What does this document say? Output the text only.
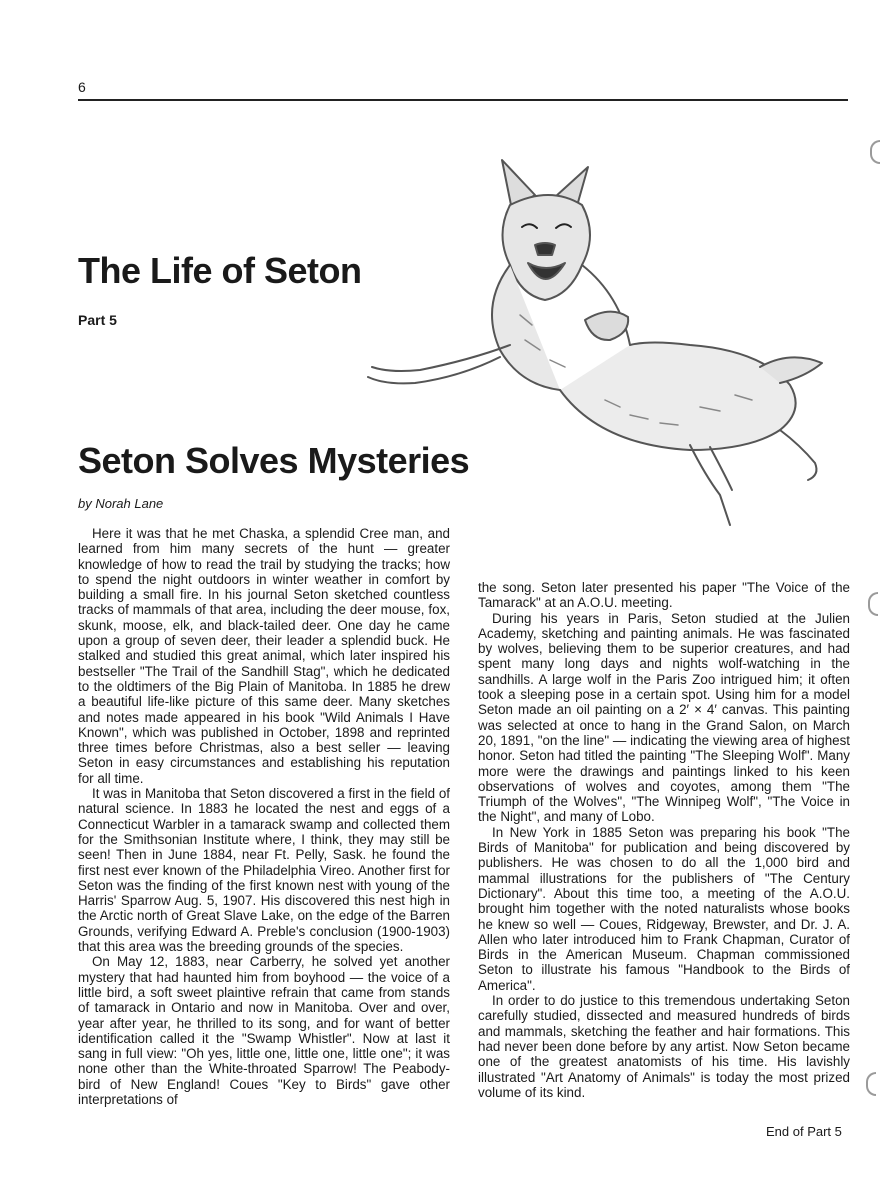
6
The Life of Seton
Part 5
Seton Solves Mysteries
by Norah Lane

Here it was that he met Chaska, a splendid Cree man, and learned from him many secrets of the hunt — greater knowledge of how to read the trail by studying the tracks; how to spend the night outdoors in winter weather in comfort by building a small fire. In his journal Seton sketched countless tracks of mammals of that area, including the deer mouse, fox, skunk, moose, elk, and black-tailed deer. One day he came upon a group of seven deer, their leader a splendid buck. He stalked and studied this great animal, which later inspired his bestseller "The Trail of the Sandhill Stag", which he dedicated to the oldtimers of the Big Plain of Manitoba. In 1885 he drew a beautiful life-like picture of this same deer. Many sketches and notes made appeared in his book "Wild Animals I Have Known", which was published in October, 1898 and reprinted three times before Christmas, also a best seller — leaving Seton in easy circumstances and establishing his reputation for all time.

It was in Manitoba that Seton discovered a first in the field of natural science. In 1883 he located the nest and eggs of a Connecticut Warbler in a tamarack swamp and collected them for the Smithsonian Institute where, I think, they may still be seen! Then in June 1884, near Ft. Pelly, Sask. he found the first nest ever known of the Philadelphia Vireo. Another first for Seton was the finding of the first known nest with young of the Harris' Sparrow Aug. 5, 1907. His discovered this nest high in the Arctic north of Great Slave Lake, on the edge of the Barren Grounds, verifying Edward A. Preble's conclusion (1900-1903) that this area was the breeding grounds of the species.

On May 12, 1883, near Carberry, he solved yet another mystery that had haunted him from boyhood — the voice of a little bird, a soft sweet plaintive refrain that came from stands of tamarack in Ontario and now in Manitoba. Over and over, year after year, he thrilled to its song, and for want of better identification called it the "Swamp Whistler". Now at last it sang in full view: "Oh yes, little one, little one, little one"; it was none other than the White-throated Sparrow! The Peabody-bird of New England! Coues "Key to Birds" gave other interpretations of

the song. Seton later presented his paper "The Voice of the Tamarack" at an A.O.U. meeting.

During his years in Paris, Seton studied at the Julien Academy, sketching and painting animals. He was fascinated by wolves, believing them to be superior creatures, and had spent many long days and nights wolf-watching in the sandhills. A large wolf in the Paris Zoo intrigued him; it often took a sleeping pose in a certain spot. Using him for a model Seton made an oil painting on a 2′ × 4′ canvas. This painting was selected at once to hang in the Grand Salon, on March 20, 1891, "on the line" — indicating the viewing area of highest honor. Seton had titled the painting "The Sleeping Wolf". Many more were the drawings and paintings linked to his keen observations of wolves and coyotes, among them "The Triumph of the Wolves", "The Winnipeg Wolf", "The Voice in the Night", and many of Lobo.

In New York in 1885 Seton was preparing his book "The Birds of Manitoba" for publication and being discovered by publishers. He was chosen to do all the 1,000 bird and mammal illustrations for the publishers of "The Century Dictionary". About this time too, a meeting of the A.O.U. brought him together with the noted naturalists whose books he knew so well — Coues, Ridgeway, Brewster, and Dr. J. A. Allen who later introduced him to Frank Chapman, Curator of Birds in the American Museum. Chapman commissioned Seton to illustrate his famous "Handbook to the Birds of America".

In order to do justice to this tremendous undertaking Seton carefully studied, dissected and measured hundreds of birds and mammals, sketching the feather and hair formations. This had never been done before by any artist. Now Seton became one of the greatest anatomists of his time. His lavishly illustrated "Art Anatomy of Animals" is today the most prized volume of its kind.

End of Part 5
